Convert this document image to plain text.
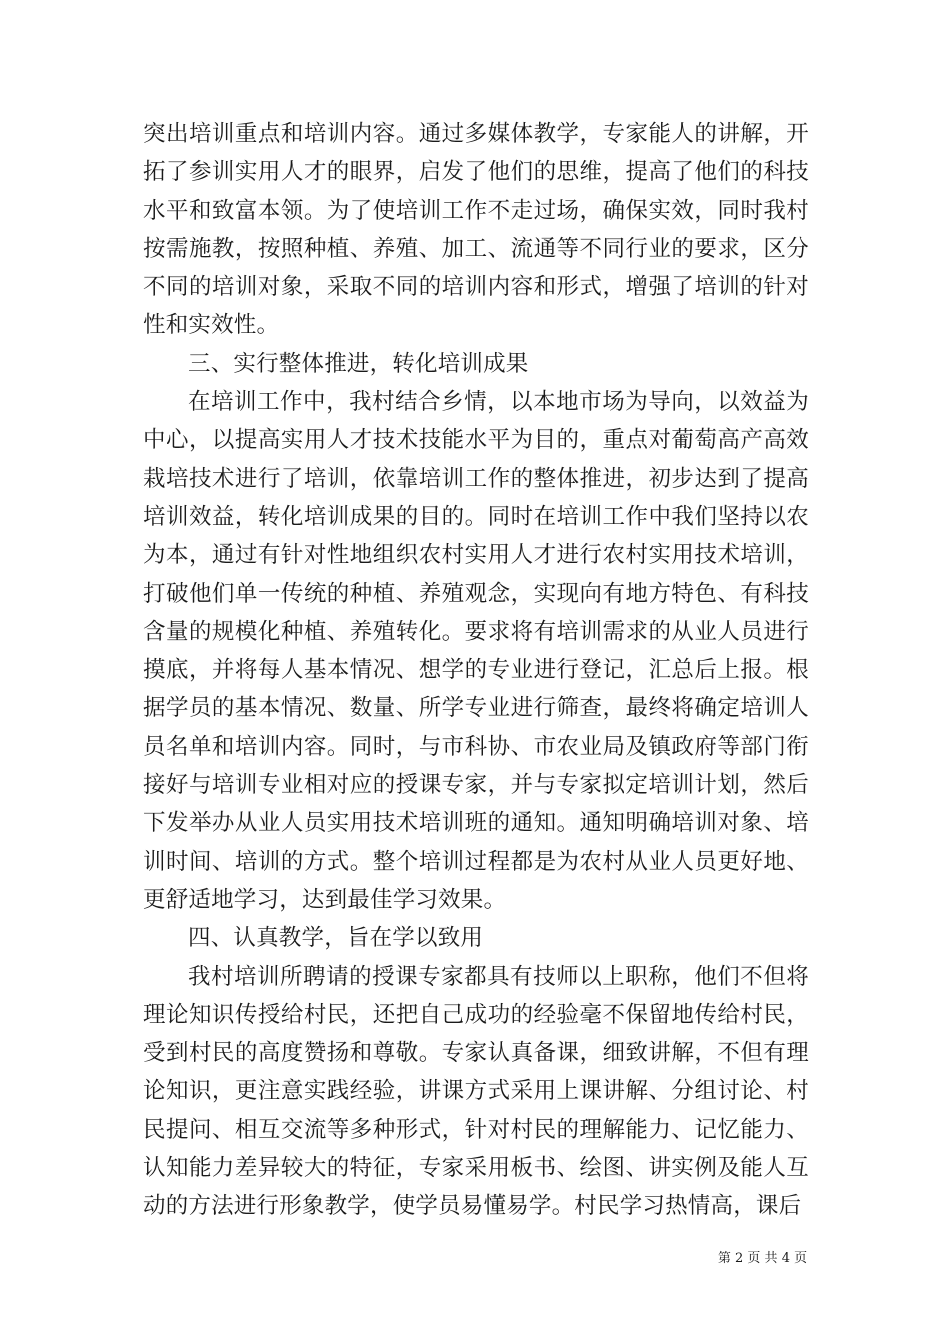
突出培训重点和培训内容。通过多媒体教学，专家能人的讲解，开拓了参训实用人才的眼界，启发了他们的思维，提高了他们的科技水平和致富本领。为了使培训工作不走过场，确保实效，同时我村按需施教，按照种植、养殖、加工、流通等不同行业的要求，区分不同的培训对象，采取不同的培训内容和形式，增强了培训的针对性和实效性。

三、实行整体推进，转化培训成果

在培训工作中，我村结合乡情，以本地市场为导向，以效益为中心，以提高实用人才技术技能水平为目的，重点对葡萄高产高效栽培技术进行了培训，依靠培训工作的整体推进，初步达到了提高培训效益，转化培训成果的目的。同时在培训工作中我们坚持以农为本，通过有针对性地组织农村实用人才进行农村实用技术培训，打破他们单一传统的种植、养殖观念，实现向有地方特色、有科技含量的规模化种植、养殖转化。要求将有培训需求的从业人员进行摸底，并将每人基本情况、想学的专业进行登记，汇总后上报。根据学员的基本情况、数量、所学专业进行筛查，最终将确定培训人员名单和培训内容。同时，与市科协、市农业局及镇政府等部门衔接好与培训专业相对应的授课专家，并与专家拟定培训计划，然后下发举办从业人员实用技术培训班的通知。通知明确培训对象、培训时间、培训的方式。整个培训过程都是为农村从业人员更好地、更舒适地学习，达到最佳学习效果。

四、认真教学，旨在学以致用

我村培训所聘请的授课专家都具有技师以上职称，他们不但将理论知识传授给村民，还把自己成功的经验毫不保留地传给村民，受到村民的高度赞扬和尊敬。专家认真备课，细致讲解，不但有理论知识，更注意实践经验，讲课方式采用上课讲解、分组讨论、村民提问、相互交流等多种形式，针对村民的理解能力、记忆能力、认知能力差异较大的特征，专家采用板书、绘图、讲实例及能人互动的方法进行形象教学，使学员易懂易学。村民学习热情高，课后

第 2 页 共 4 页
